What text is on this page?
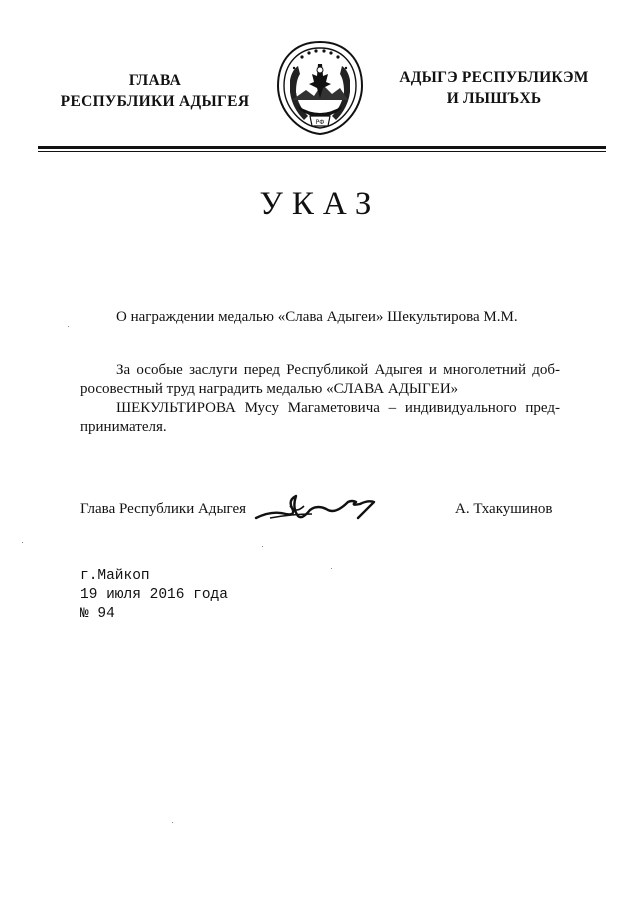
ГЛАВА
РЕСПУБЛИКИ АДЫГЕЯ
РФ
АДЫГЭ РЕСПУБЛИКЭМ
И ЛЫШЪХЬ
УКАЗ
О награждении медалью «Слава Адыгеи» Шекультирова М.М.
За особые заслуги перед Республикой Адыгея и многолетний доб-
росовестный труд наградить медалью «СЛАВА АДЫГЕИ»
ШЕКУЛЬТИРОВА Мусу Магаметовича – индивидуального пред-
принимателя.
Глава Республики Адыгея	А. Тхакушинов
г.Майкоп
19 июля 2016 года
№ 94
